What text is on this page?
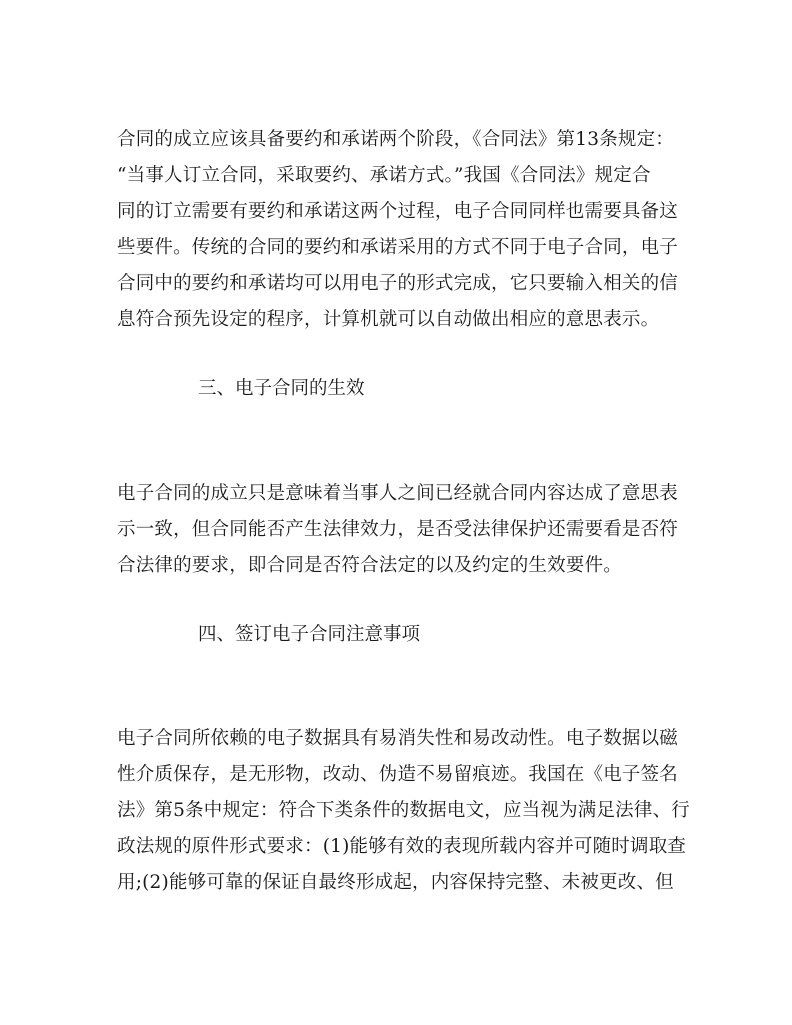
合同的成立应该具备要约和承诺两个阶段，《合同法》第13条规定：
“当事人订立合同，采取要约、承诺方式。”我国《合同法》规定合
同的订立需要有要约和承诺这两个过程，电子合同同样也需要具备这
些要件。传统的合同的要约和承诺采用的方式不同于电子合同，电子
合同中的要约和承诺均可以用电子的形式完成，它只要输入相关的信
息符合预先设定的程序，计算机就可以自动做出相应的意思表示。
三、电子合同的生效
电子合同的成立只是意味着当事人之间已经就合同内容达成了意思表
示一致，但合同能否产生法律效力，是否受法律保护还需要看是否符
合法律的要求，即合同是否符合法定的以及约定的生效要件。
四、签订电子合同注意事项
电子合同所依赖的电子数据具有易消失性和易改动性。电子数据以磁
性介质保存，是无形物，改动、伪造不易留痕迹。我国在《电子签名
法》第5条中规定：符合下类条件的数据电文，应当视为满足法律、行
政法规的原件形式要求：(1)能够有效的表现所载内容并可随时调取查
用;(2)能够可靠的保证自最终形成起，内容保持完整、未被更改、但
